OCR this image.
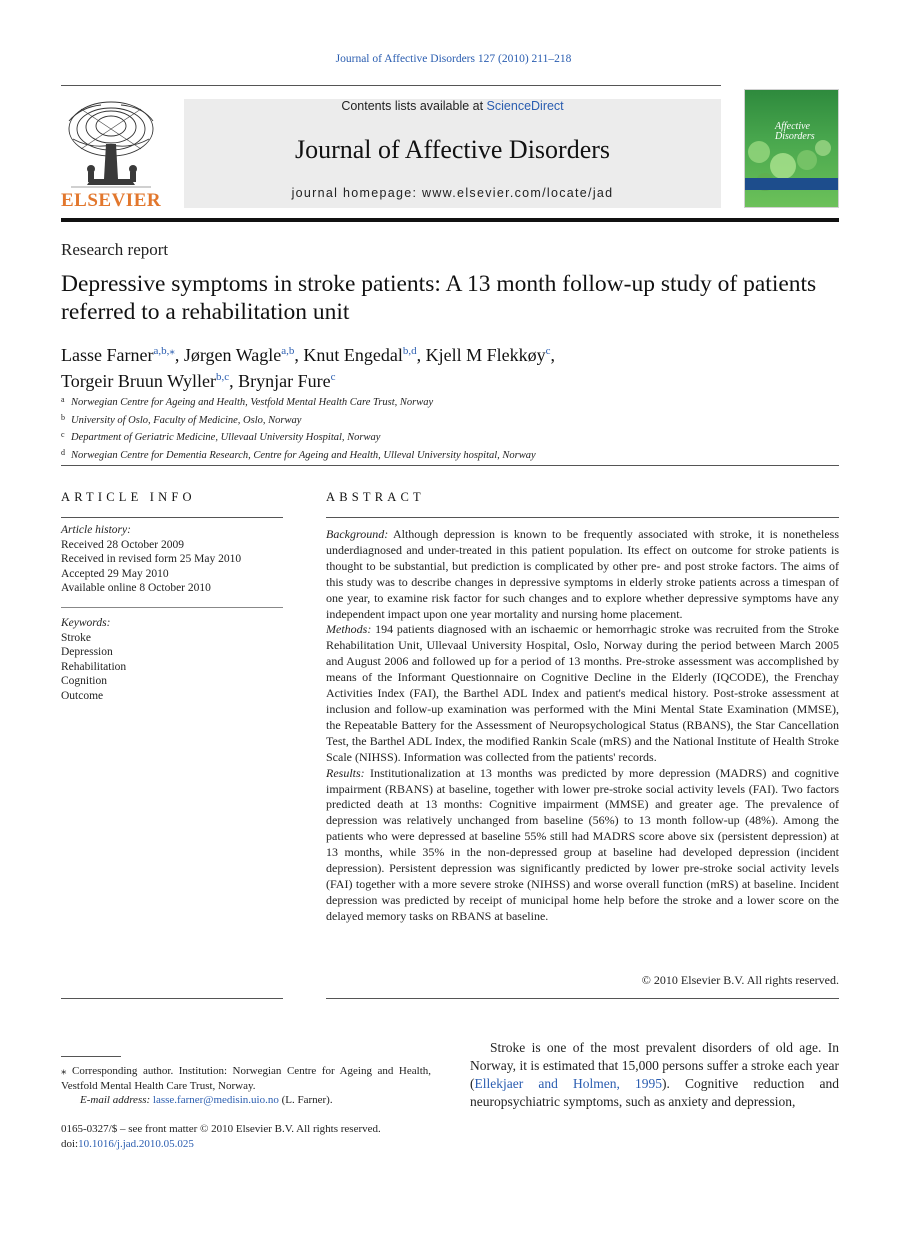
Journal of Affective Disorders 127 (2010) 211–218
ELSEVIER
Contents lists available at ScienceDirect
Journal of Affective Disorders
journal homepage: www.elsevier.com/locate/jad
Affective
Disorders
Research report
Depressive symptoms in stroke patients: A 13 month follow-up study of patients referred to a rehabilitation unit
Lasse Farner$^{a,b,⁎}$, Jørgen Wagle$^{a,b}$, Knut Engedal$^{b,d}$, Kjell M Flekkøy$^c$,
Torgeir Bruun Wyller$^{b,c}$, Brynjar Fure$^c$
a Norwegian Centre for Ageing and Health, Vestfold Mental Health Care Trust, Norway
b University of Oslo, Faculty of Medicine, Oslo, Norway
c Department of Geriatric Medicine, Ullevaal University Hospital, Norway
d Norwegian Centre for Dementia Research, Centre for Ageing and Health, Ulleval University hospital, Norway
ARTICLE INFO
Article history:
Received 28 October 2009
Received in revised form 25 May 2010
Accepted 29 May 2010
Available online 8 October 2010
Keywords:
Stroke
Depression
Rehabilitation
Cognition
Outcome
ABSTRACT

Background: Although depression is known to be frequently associated with stroke, it is nonetheless underdiagnosed and under-treated in this patient population. Its effect on outcome for stroke patients is thought to be substantial, but prediction is complicated by other pre- and post stroke factors. The aims of this study was to describe changes in depressive symptoms in elderly stroke patients across a timespan of one year, to examine risk factor for such changes and to explore whether depressive symptoms have any independent impact upon one year mortality and nursing home placement.

Methods: 194 patients diagnosed with an ischaemic or hemorrhagic stroke was recruited from the Stroke Rehabilitation Unit, Ullevaal University Hospital, Oslo, Norway during the period between March 2005 and August 2006 and followed up for a period of 13 months. Pre-stroke assessment was accomplished by means of the Informant Questionnaire on Cognitive Decline in the Elderly (IQCODE), the Frenchay Activities Index (FAI), the Barthel ADL Index and patient's medical history. Post-stroke assessment at inclusion and follow-up examination was performed with the Mini Mental State Examination (MMSE), the Repeatable Battery for the Assessment of Neuropsychological Status (RBANS), the Star Cancellation Test, the Barthel ADL Index, the modified Rankin Scale (mRS) and the National Institute of Health Stroke Scale (NIHSS). Information was collected from the patients' records.

Results: Institutionalization at 13 months was predicted by more depression (MADRS) and cognitive impairment (RBANS) at baseline, together with lower pre-stroke social activity levels (FAI). Two factors predicted death at 13 months: Cognitive impairment (MMSE) and greater age. The prevalence of depression was relatively unchanged from baseline (56%) to 13 month follow-up (48%). Among the patients who were depressed at baseline 55% still had MADRS score above six (persistent depression) at 13 months, while 35% in the non-depressed group at baseline had developed depression (incident depression). Persistent depression was significantly predicted by lower pre-stroke social activity levels (FAI) together with a more severe stroke (NIHSS) and worse overall function (mRS) at baseline. Incident depression was predicted by receipt of municipal home help before the stroke and a lower score on the delayed memory tasks on RBANS at baseline.

© 2010 Elsevier B.V. All rights reserved.
⁎ Corresponding author. Institution: Norwegian Centre for Ageing and Health, Vestfold Mental Health Care Trust, Norway.
E-mail address: lasse.farner@medisin.uio.no (L. Farner).
0165-0327/$ – see front matter © 2010 Elsevier B.V. All rights reserved.
doi:10.1016/j.jad.2010.05.025
Stroke is one of the most prevalent disorders of old age. In Norway, it is estimated that 15,000 persons suffer a stroke each year (Ellekjaer and Holmen, 1995). Cognitive reduction and neuropsychiatric symptoms, such as anxiety and depression,
